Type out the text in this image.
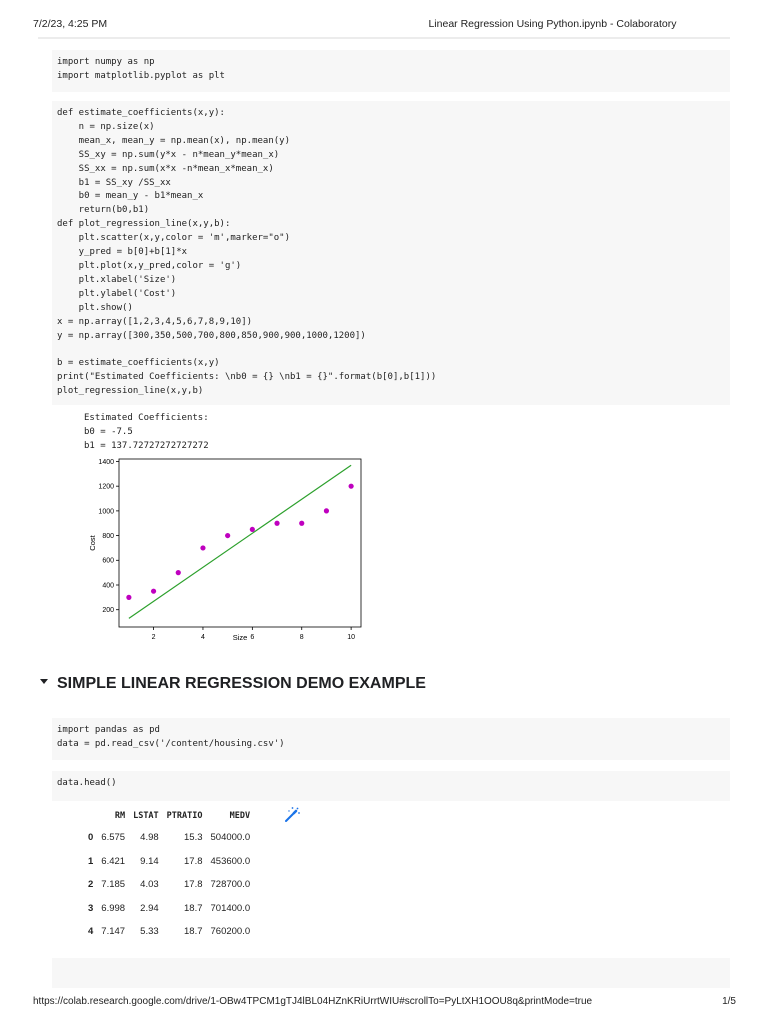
7/2/23, 4:25 PM	Linear Regression Using Python.ipynb - Colaboratory
import numpy as np
import matplotlib.pyplot as plt
def estimate_coefficients(x,y):
n = np.size(x)
mean_x, mean_y = np.mean(x), np.mean(y)
SS_xy = np.sum(y*x - n*mean_y*mean_x)
SS_xx = np.sum(x*x -n*mean_x*mean_x)
b1 = SS_xy /SS_xx
b0 = mean_y - b1*mean_x
return(b0,b1)
def plot_regression_line(x,y,b):
plt.scatter(x,y,color = 'm',marker="o")
y_pred = b[0]+b[1]*x
plt.plot(x,y_pred,color = 'g')
plt.xlabel('Size')
plt.ylabel('Cost')
plt.show()
x = np.array([1,2,3,4,5,6,7,8,9,10])
y = np.array([300,350,500,700,800,850,900,900,1000,1200])

b = estimate_coefficients(x,y)
print("Estimated Coefficients: \nb0 = {} \nb1 = {}".format(b[0],b[1]))
plot_regression_line(x,y,b)
Estimated Coefficients:
b0 = -7.5
b1 = 137.72727272727272
2	4	6	8	10
200
400
600
800
1000
1200
1400
Size
Cost
SIMPLE LINEAR REGRESSION DEMO EXAMPLE
import pandas as pd
data = pd.read_csv('/content/housing.csv')
data.head()
	RM	LSTAT	PTRATIO	MEDV
0	6.575	4.98	15.3	504000.0
1	6.421	9.14	17.8	453600.0
2	7.185	4.03	17.8	728700.0
3	6.998	2.94	18.7	701400.0
4	7.147	5.33	18.7	760200.0
https://colab.research.google.com/drive/1-OBw4TPCM1gTJ4lBL04HZnKRiUrrtWIU#scrollTo=PyLtXH1OOU8q&printMode=true	1/5
